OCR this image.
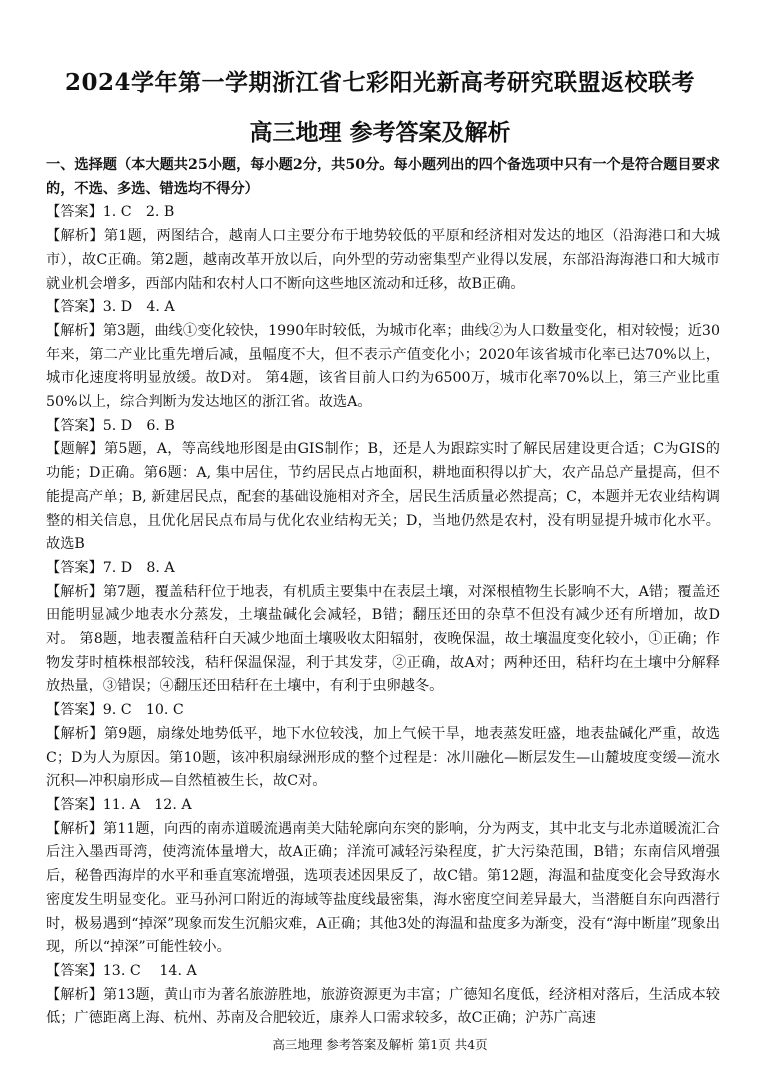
2024学年第一学期浙江省七彩阳光新高考研究联盟返校联考
高三地理 参考答案及解析

一、选择题（本大题共25小题，每小题2分，共50分。每小题列出的四个备选项中只有一个是符合题目要求的，不选、多选、错选均不得分）

【答案】1. C　2. B

【解析】第1题，两图结合，越南人口主要分布于地势较低的平原和经济相对发达的地区（沿海港口和大城市），故C正确。第2题，越南改革开放以后，向外型的劳动密集型产业得以发展，东部沿海海港口和大城市就业机会增多，西部内陆和农村人口不断向这些地区流动和迁移，故B正确。

【答案】3. D　4. A

【解析】第3题，曲线①变化较快，1990年时较低，为城市化率；曲线②为人口数量变化，相对较慢；近30年来，第二产业比重先增后减，虽幅度不大，但不表示产值变化小；2020年该省城市化率已达70%以上，城市化速度将明显放缓。故D对。 第4题，该省目前人口约为6500万，城市化率70%以上，第三产业比重50%以上，综合判断为发达地区的浙江省。故选A。

【答案】5. D　6. B

【题解】第5题，A，等高线地形图是由GIS制作；B，还是人为跟踪实时了解民居建设更合适；C为GIS的功能；D正确。第6题：A, 集中居住，节约居民点占地面积，耕地面积得以扩大，农产品总产量提高，但不能提高产单；B, 新建居民点，配套的基础设施相对齐全，居民生活质量必然提高；C，本题并无农业结构调整的相关信息，且优化居民点布局与优化农业结构无关；D，当地仍然是农村，没有明显提升城市化水平。故选B

【答案】7. D　8. A

【解析】第7题，覆盖秸秆位于地表，有机质主要集中在表层土壤，对深根植物生长影响不大，A错；覆盖还田能明显减少地表水分蒸发，土壤盐碱化会减轻，B错；翻压还田的杂草不但没有减少还有所增加，故D对。 第8题，地表覆盖秸秆白天减少地面土壤吸收太阳辐射，夜晚保温，故土壤温度变化较小，①正确；作物发芽时植株根部较浅，秸秆保温保湿，利于其发芽，②正确，故A对；两种还田，秸秆均在土壤中分解释放热量，③错误；④翻压还田秸秆在土壤中，有利于虫卵越冬。

【答案】9. C　10. C

【解析】第9题，扇缘处地势低平，地下水位较浅，加上气候干旱，地表蒸发旺盛，地表盐碱化严重，故选C；D为人为原因。第10题，该冲积扇绿洲形成的整个过程是：冰川融化—断层发生—山麓坡度变缓—流水沉积—冲积扇形成—自然植被生长，故C对。

【答案】11. A　12. A

【解析】第11题，向西的南赤道暖流遇南美大陆轮廓向东突的影响，分为两支，其中北支与北赤道暖流汇合后注入墨西哥湾，使湾流体量增大，故A正确；洋流可减轻污染程度，扩大污染范围，B错；东南信风增强后，秘鲁西海岸的水平和垂直寒流增强，选项表述因果反了，故C错。第12题，海温和盐度变化会导致海水密度发生明显变化。亚马孙河口附近的海域等盐度线最密集，海水密度空间差异最大，当潜艇自东向西潜行时，极易遇到“掉深”现象而发生沉船灾难，A正确；其他3处的海温和盐度多为渐变，没有“海中断崖”现象出现，所以“掉深”可能性较小。

【答案】13. C　 14. A

【解析】第13题，黄山市为著名旅游胜地，旅游资源更为丰富；广德知名度低，经济相对落后，生活成本较低；广德距离上海、杭州、苏南及合肥较近，康养人口需求较多，故C正确；沪苏广高速

高三地理 参考答案及解析 第1页 共4页
